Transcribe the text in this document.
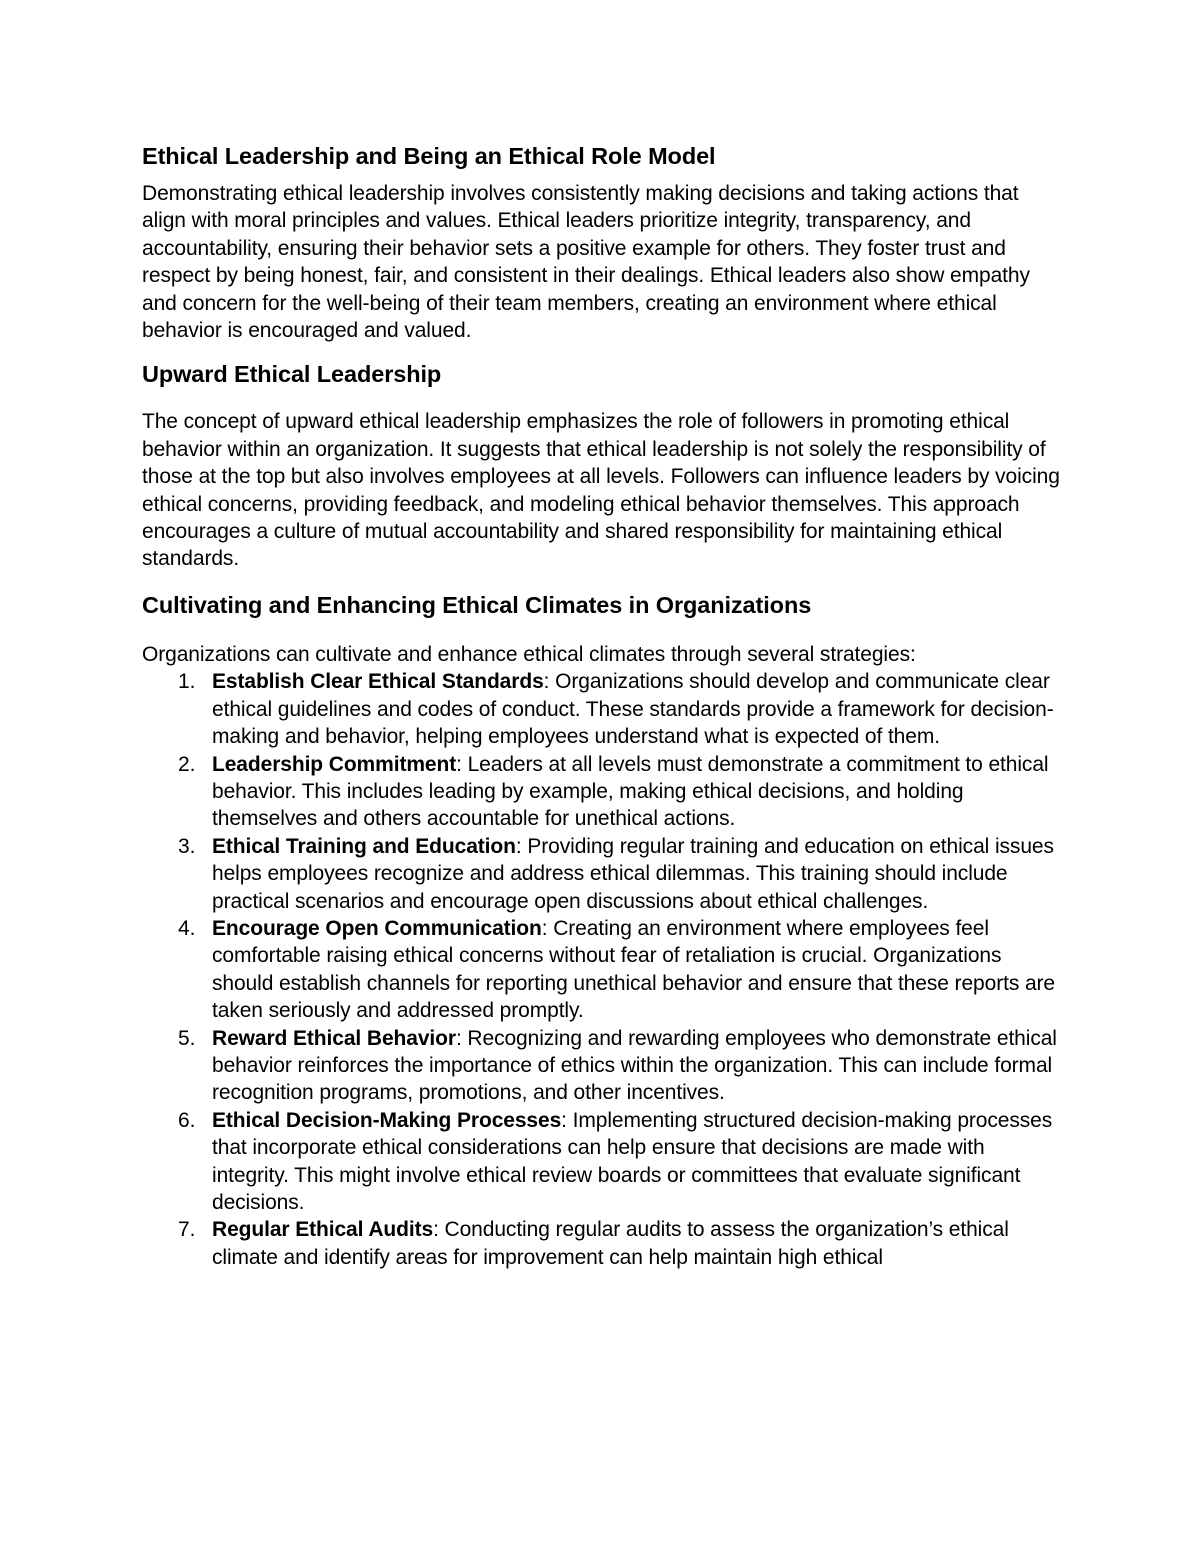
Ethical Leadership and Being an Ethical Role Model

Demonstrating ethical leadership involves consistently making decisions and taking actions that align with moral principles and values. Ethical leaders prioritize integrity, transparency, and accountability, ensuring their behavior sets a positive example for others. They foster trust and respect by being honest, fair, and consistent in their dealings. Ethical leaders also show empathy and concern for the well-being of their team members, creating an environment where ethical behavior is encouraged and valued.

Upward Ethical Leadership

The concept of upward ethical leadership emphasizes the role of followers in promoting ethical behavior within an organization. It suggests that ethical leadership is not solely the responsibility of those at the top but also involves employees at all levels. Followers can influence leaders by voicing ethical concerns, providing feedback, and modeling ethical behavior themselves. This approach encourages a culture of mutual accountability and shared responsibility for maintaining ethical standards.

Cultivating and Enhancing Ethical Climates in Organizations

Organizations can cultivate and enhance ethical climates through several strategies:

1. Establish Clear Ethical Standards: Organizations should develop and communicate clear ethical guidelines and codes of conduct. These standards provide a framework for decision-making and behavior, helping employees understand what is expected of them.
2. Leadership Commitment: Leaders at all levels must demonstrate a commitment to ethical behavior. This includes leading by example, making ethical decisions, and holding themselves and others accountable for unethical actions.
3. Ethical Training and Education: Providing regular training and education on ethical issues helps employees recognize and address ethical dilemmas. This training should include practical scenarios and encourage open discussions about ethical challenges.
4. Encourage Open Communication: Creating an environment where employees feel comfortable raising ethical concerns without fear of retaliation is crucial. Organizations should establish channels for reporting unethical behavior and ensure that these reports are taken seriously and addressed promptly.
5. Reward Ethical Behavior: Recognizing and rewarding employees who demonstrate ethical behavior reinforces the importance of ethics within the organization. This can include formal recognition programs, promotions, and other incentives.
6. Ethical Decision-Making Processes: Implementing structured decision-making processes that incorporate ethical considerations can help ensure that decisions are made with integrity. This might involve ethical review boards or committees that evaluate significant decisions.
7. Regular Ethical Audits: Conducting regular audits to assess the organization’s ethical climate and identify areas for improvement can help maintain high ethical
